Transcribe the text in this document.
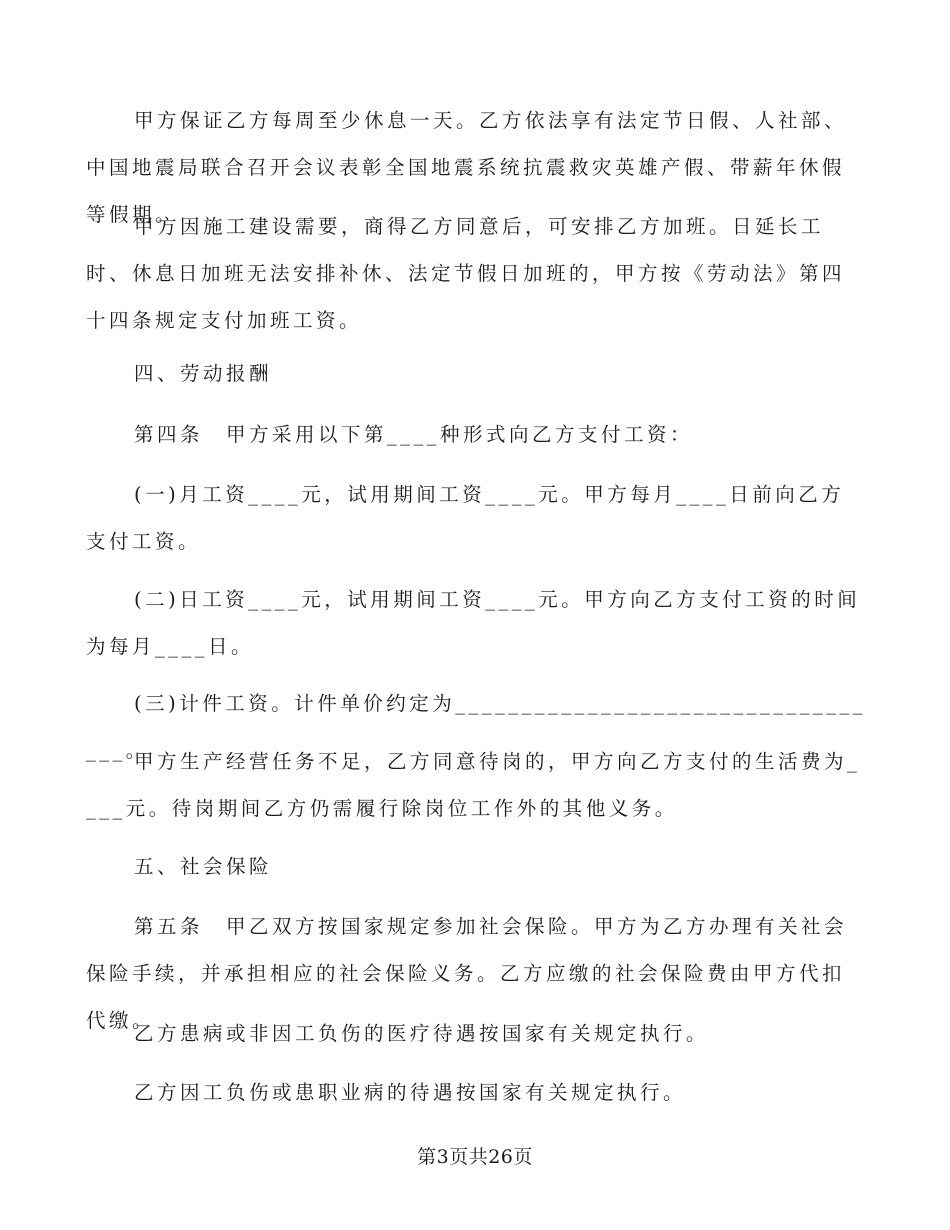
甲方保证乙方每周至少休息一天。乙方依法享有法定节日假、人社部、中国地震局联合召开会议表彰全国地震系统抗震救灾英雄产假、带薪年休假等假期。

甲方因施工建设需要，商得乙方同意后，可安排乙方加班。日延长工时、休息日加班无法安排补休、法定节假日加班的，甲方按《劳动法》第四十四条规定支付加班工资。

四、劳动报酬

第四条　甲方采用以下第____种形式向乙方支付工资：

(一)月工资____元，试用期间工资____元。甲方每月____日前向乙方支付工资。

(二)日工资____元，试用期间工资____元。甲方向乙方支付工资的时间为每月____日。

(三)计件工资。计件单价约定为__________________________________。

甲方生产经营任务不足，乙方同意待岗的，甲方向乙方支付的生活费为____元。待岗期间乙方仍需履行除岗位工作外的其他义务。

五、社会保险

第五条　甲乙双方按国家规定参加社会保险。甲方为乙方办理有关社会保险手续，并承担相应的社会保险义务。乙方应缴的社会保险费由甲方代扣代缴。

乙方患病或非因工负伤的医疗待遇按国家有关规定执行。

乙方因工负伤或患职业病的待遇按国家有关规定执行。

第3页共26页
